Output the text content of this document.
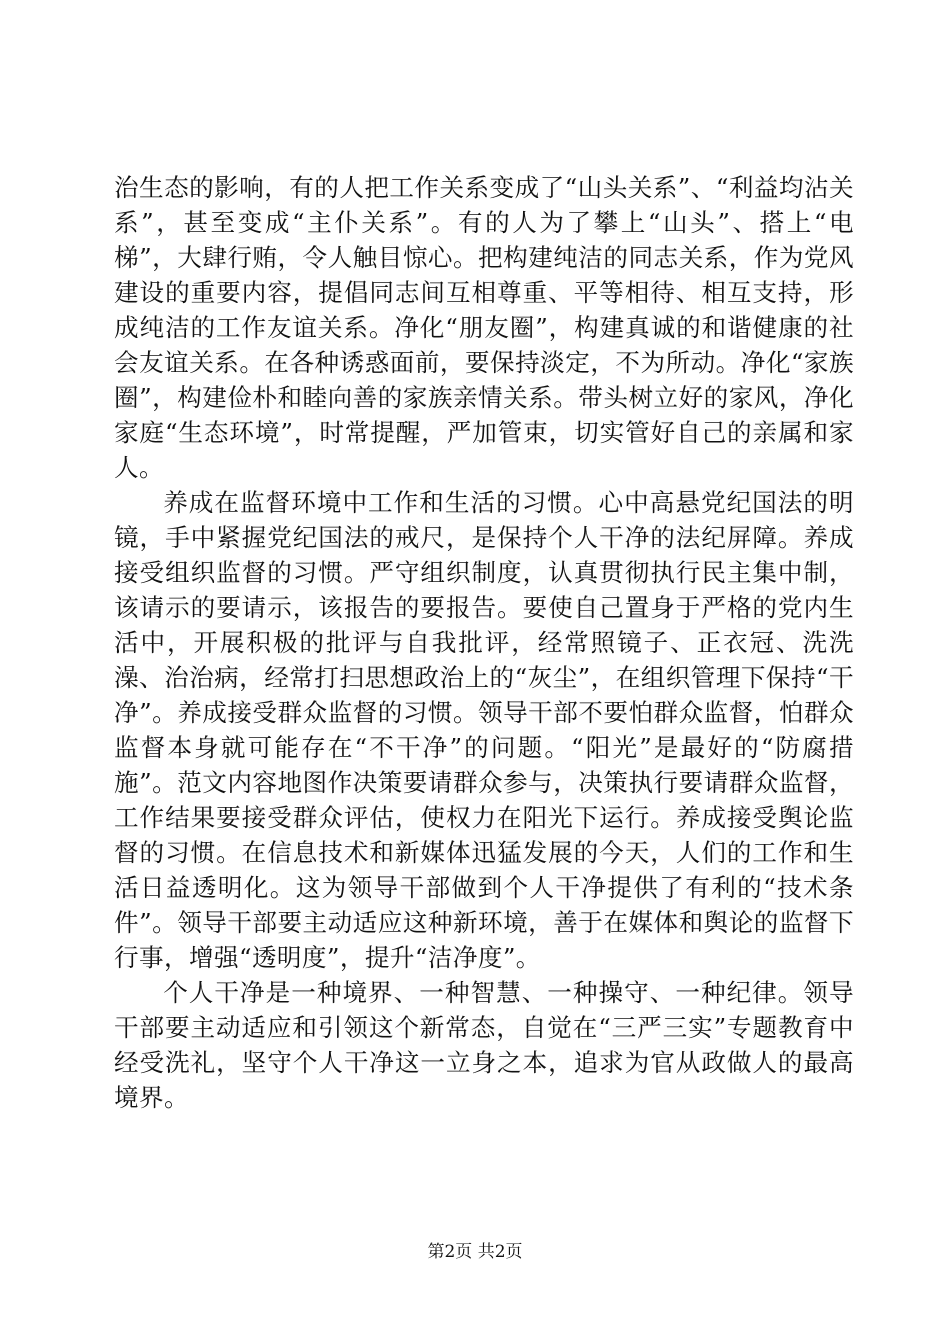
治生态的影响，有的人把工作关系变成了“山头关系”、“利益均沾关系”，甚至变成“主仆关系”。有的人为了攀上“山头”、搭上“电梯”，大肆行贿，令人触目惊心。把构建纯洁的同志关系，作为党风建设的重要内容，提倡同志间互相尊重、平等相待、相互支持，形成纯洁的工作友谊关系。净化“朋友圈”，构建真诚的和谐健康的社会友谊关系。在各种诱惑面前，要保持淡定，不为所动。净化“家族圈”，构建俭朴和睦向善的家族亲情关系。带头树立好的家风，净化家庭“生态环境”，时常提醒，严加管束，切实管好自己的亲属和家人。

养成在监督环境中工作和生活的习惯。心中高悬党纪国法的明镜，手中紧握党纪国法的戒尺，是保持个人干净的法纪屏障。养成接受组织监督的习惯。严守组织制度，认真贯彻执行民主集中制，该请示的要请示，该报告的要报告。要使自己置身于严格的党内生活中，开展积极的批评与自我批评，经常照镜子、正衣冠、洗洗澡、治治病，经常打扫思想政治上的“灰尘”，在组织管理下保持“干净”。养成接受群众监督的习惯。领导干部不要怕群众监督，怕群众监督本身就可能存在“不干净”的问题。“阳光”是最好的“防腐措施”。范文内容地图作决策要请群众参与，决策执行要请群众监督，工作结果要接受群众评估，使权力在阳光下运行。养成接受舆论监督的习惯。在信息技术和新媒体迅猛发展的今天，人们的工作和生活日益透明化。这为领导干部做到个人干净提供了有利的“技术条件”。领导干部要主动适应这种新环境，善于在媒体和舆论的监督下行事，增强“透明度”，提升“洁净度”。

个人干净是一种境界、一种智慧、一种操守、一种纪律。领导干部要主动适应和引领这个新常态，自觉在“三严三实”专题教育中经受洗礼，坚守个人干净这一立身之本，追求为官从政做人的最高境界。

第2页 共2页
